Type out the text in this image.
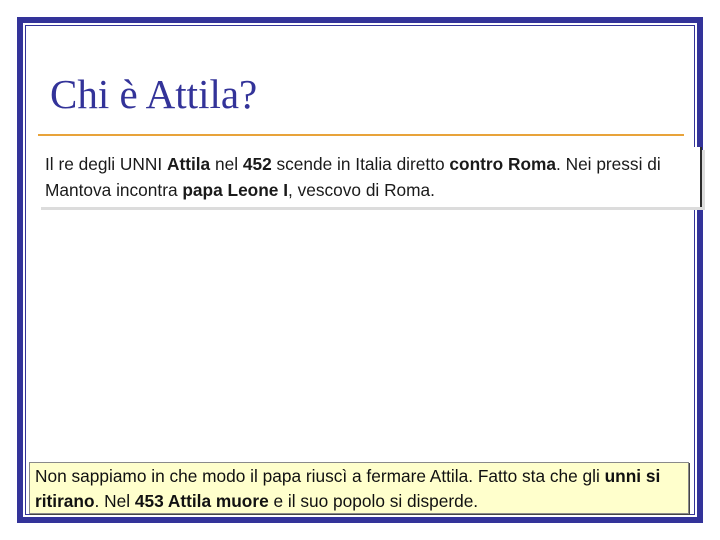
Chi è Attila?
Il re degli UNNI Attila nel 452 scende in Italia diretto contro Roma. Nei pressi di Mantova incontra papa Leone I, vescovo di Roma.
Non sappiamo in che modo il papa riuscì a fermare Attila. Fatto sta che gli unni si ritirano. Nel 453 Attila muore e il suo popolo si disperde.
